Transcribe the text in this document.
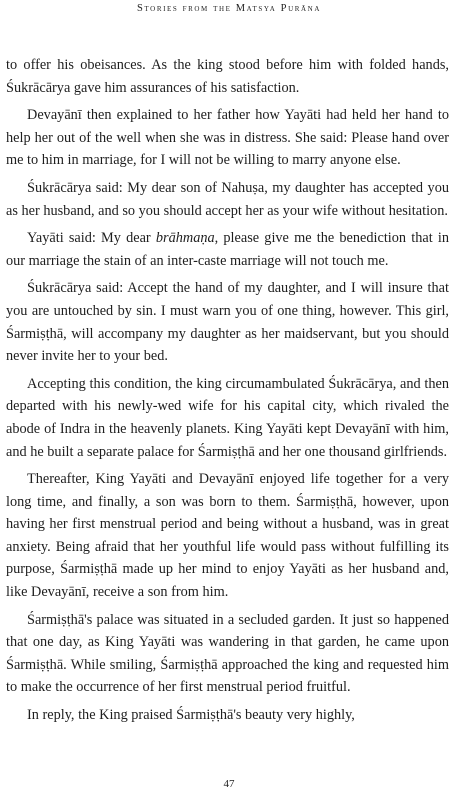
Stories from the Matsya Purāna

to offer his obeisances. As the king stood before him with folded hands, Śukrācārya gave him assurances of his satisfaction.

Devayānī then explained to her father how Yayāti had held her hand to help her out of the well when she was in distress. She said: Please hand over me to him in marriage, for I will not be willing to marry anyone else.

Śukrācārya said: My dear son of Nahuṣa, my daughter has accepted you as her husband, and so you should accept her as your wife without hesitation.

Yayāti said: My dear brāhmaṇa, please give me the benediction that in our marriage the stain of an inter-caste marriage will not touch me.

Śukrācārya said: Accept the hand of my daughter, and I will insure that you are untouched by sin. I must warn you of one thing, however. This girl, Śarmiṣṭhā, will accompany my daughter as her maidservant, but you should never invite her to your bed.

Accepting this condition, the king circumambulated Śukrācārya, and then departed with his newly-wed wife for his capital city, which rivaled the abode of Indra in the heavenly planets. King Yayāti kept Devayānī with him, and he built a separate palace for Śarmiṣṭhā and her one thousand girlfriends.

Thereafter, King Yayāti and Devayānī enjoyed life together for a very long time, and finally, a son was born to them. Śarmiṣṭhā, however, upon having her first menstrual period and being without a husband, was in great anxiety. Being afraid that her youthful life would pass without fulfilling its purpose, Śarmiṣṭhā made up her mind to enjoy Yayāti as her husband and, like Devayānī, receive a son from him.

Śarmiṣṭhā's palace was situated in a secluded garden. It just so happened that one day, as King Yayāti was wandering in that garden, he came upon Śarmiṣṭhā. While smiling, Śarmiṣṭhā approached the king and requested him to make the occurrence of her first menstrual period fruitful.

In reply, the King praised Śarmiṣṭhā's beauty very highly,

47
